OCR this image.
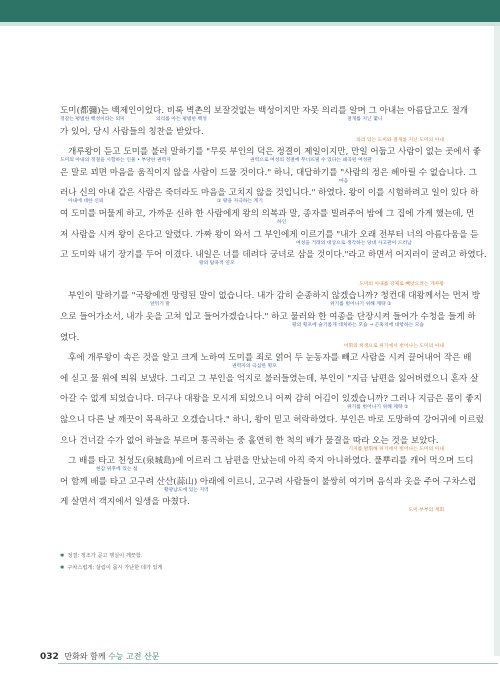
도미(都彌)는 백제인이었다. 비록 벽촌의 보잘것없는 백성이지만 자못 의리를 알며 그 아내는 아름답고도 절개
정갈는 평범한 백성이라는 의미	의리를 아는 평범한 백성	절개를 지닌 몇니
가 있어, 당시 사람들의 칭찬을 받았다.
의리 있는 도미와 절개를 지닌 도미의 아내
개루왕이 듣고 도미를 불러 말하기를 "무릇 부인의 덕은 정결이 제일이지만, 만일 어둡고 사람이 없는 곳에서 좋
도미의 아내의 정절을 시험하는 인물 • 부당한 권력자	권력으로 여성의 정절에 무너뜨릴 수 있다는 왜곡된 여성관
은 말로 꾀면 마음을 움직이지 않을 사람이 드물 것이다." 하니, 대답하기를 "사람의 정은 헤아릴 수 없습니다. 그
마음
러나 신의 아내 같은 사람은 죽더라도 마음을 고치지 않을 것입니다." 하였다. 왕이 이를 시험하려고 일이 있다 하
아내에 대한 신뢰	① 왕을 자극하는 계기
여 도미를 머물게 하고, 가까운 신하 한 사람에게 왕의 의복과 말, 종자를 빌려주어 밤에 그 집에 가게 했는데, 먼
하인
저 사람을 시켜 왕이 온다고 알렸다. 가짜 왕이 와서 그 부인에게 이르기를 "내가 오래 전부터 너의 아름다움을 듣
여성을 거래의 대상으로 생각하는 당대 사고관이 드러남
고 도미와 내기 장기를 두어 이겼다. 내일은 너를 데려다 궁녀로 삼을 것이다."라고 하면서 어지러이 굴려고 하였다.
왕의 탐욕적 연모
도미의 아내를 강제로 빼앗으려는 개루왕
부인이 말하기를 "국왕에겐 망령된 말이 없습니다. 내가 감히 순종하지 않겠습니까? 청컨대 대왕께서는 먼저 방
앞뒤기 말	위기를 벗어나기 위해 계략 ①
으로 들어가소서, 내가 옷을 고쳐 입고 들어가겠습니다." 하고 물러와 한 여종을 단장시켜 들어가 수청을 들게 하
왕의 횡포에 슬기롭게 대처하는 모습 → 곤혹치에 대항하는 모습
였다.
어휘의 희생으로 위기에서 벗어나는 도미의 아내
후에 개루왕이 속은 것을 알고 크게 노하여 도미를 죄로 얽어 두 눈동자를 빼고 사람을 시켜 끌어내어 작은 배
권력자의 극심한 횡포
에 싣고 물 위에 띄워 보냈다. 그리고 그 부인을 억지로 불러들였는데, 부인이 "지금 남편을 잃어버렸으니 혼자 살
아갈 수 없게 되었습니다. 더구나 대왕을 모시게 되었으니 어찌 감히 어김이 있겠습니까? 그러나 지금은 몸이 좋지
위기를 벗어나기 위해 계략 ②
않으니 다른 날 깨끗이 목욕하고 오겠습니다." 하니, 왕이 믿고 허락하였다. 부인은 바로 도망하여 강어귀에 이르렀
으나 건너갈 수가 없어 하늘을 부르며 통곡하는 중 홀연히 한 척의 배가 물결을 따라 오는 것을 보았다.
기지를 발휘해 위기에서 벗어나는 도미의 아내
그 배를 타고 천성도(泉城島)에 이르러 그 남편을 만났는데 아직 죽지 아니하였다. 풀뿌리를 캐어 먹으며 드디
현감 위후에 있는 섬
어 함께 배를 타고 고구려 산산(蒜山) 아래에 이르니, 고구려 사람들이 불쌍히 여기며 음식과 옷을 주어 구차스럽
황광남도에 있는 지역
게 살면서 객지에서 일생을 마쳤다.
도미 부부의 재회
✱ 정결: 정조가 곧고 행실이 깨끗함.
✱ 구차스럽게: 살림이 몹시 가난한 데가 있게
032 만화와 함께 수능 고전 산문
